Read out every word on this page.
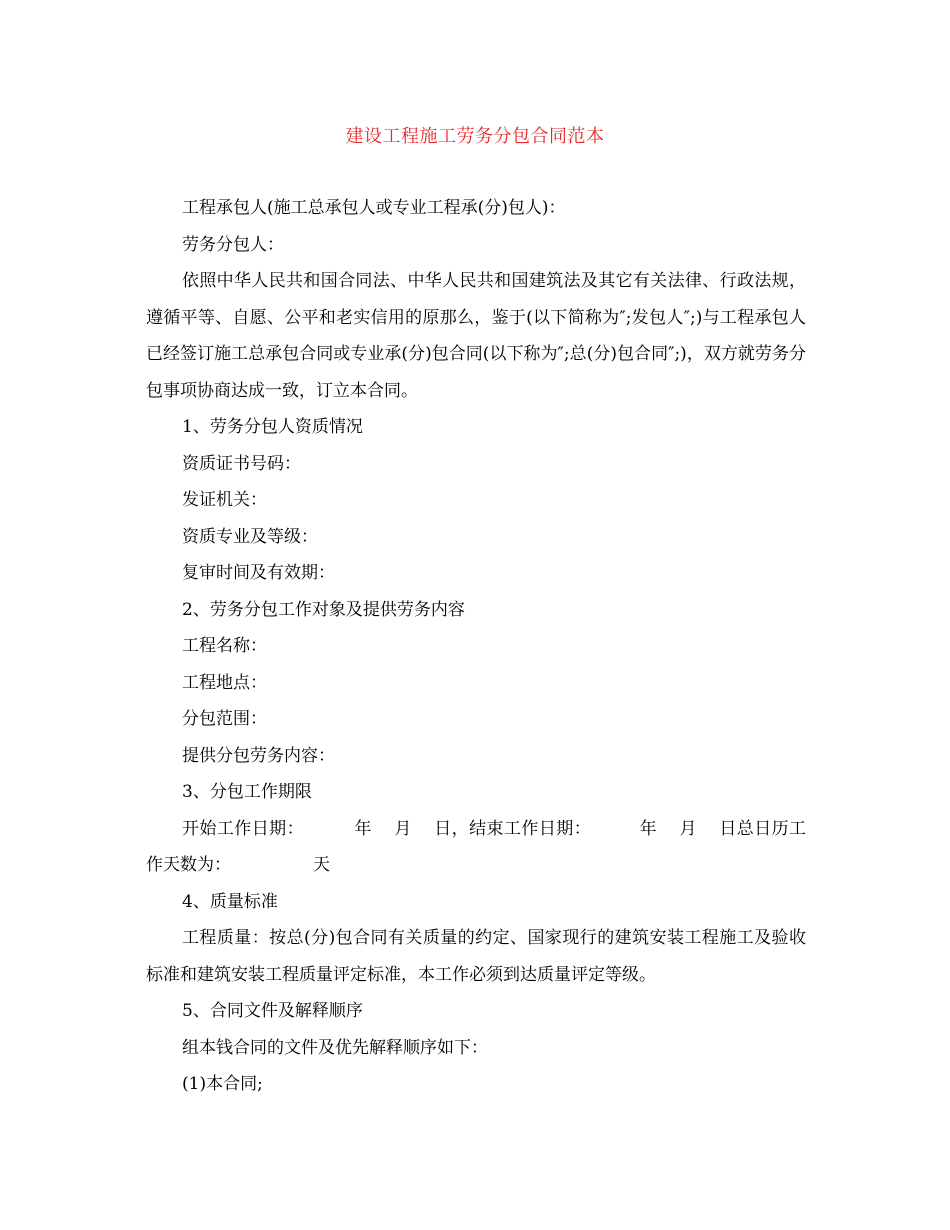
建设工程施工劳务分包合同范本

工程承包人(施工总承包人或专业工程承(分)包人)：

劳务分包人：

依照中华人民共和国合同法、中华人民共和国建筑法及其它有关法律、行政法规，遵循平等、自愿、公平和老实信用的原那么，鉴于(以下简称为″;发包人″;)与工程承包人已经签订施工总承包合同或专业承(分)包合同(以下称为″;总(分)包合同″;)，双方就劳务分包事项协商达成一致，订立本合同。

1、劳务分包人资质情况

资质证书号码：

发证机关：

资质专业及等级：

复审时间及有效期：

2、劳务分包工作对象及提供劳务内容

工程名称：

工程地点：

分包范围：

提供分包劳务内容：

3、分包工作期限

开始工作日期：	年 月 日，结束工作日期：	年 月 日总日历工作天数为：	天

4、质量标准

工程质量：按总(分)包合同有关质量的约定、国家现行的建筑安装工程施工及验收标准和建筑安装工程质量评定标准，本工作必须到达质量评定等级。

5、合同文件及解释顺序

组本钱合同的文件及优先解释顺序如下：

(1)本合同;
